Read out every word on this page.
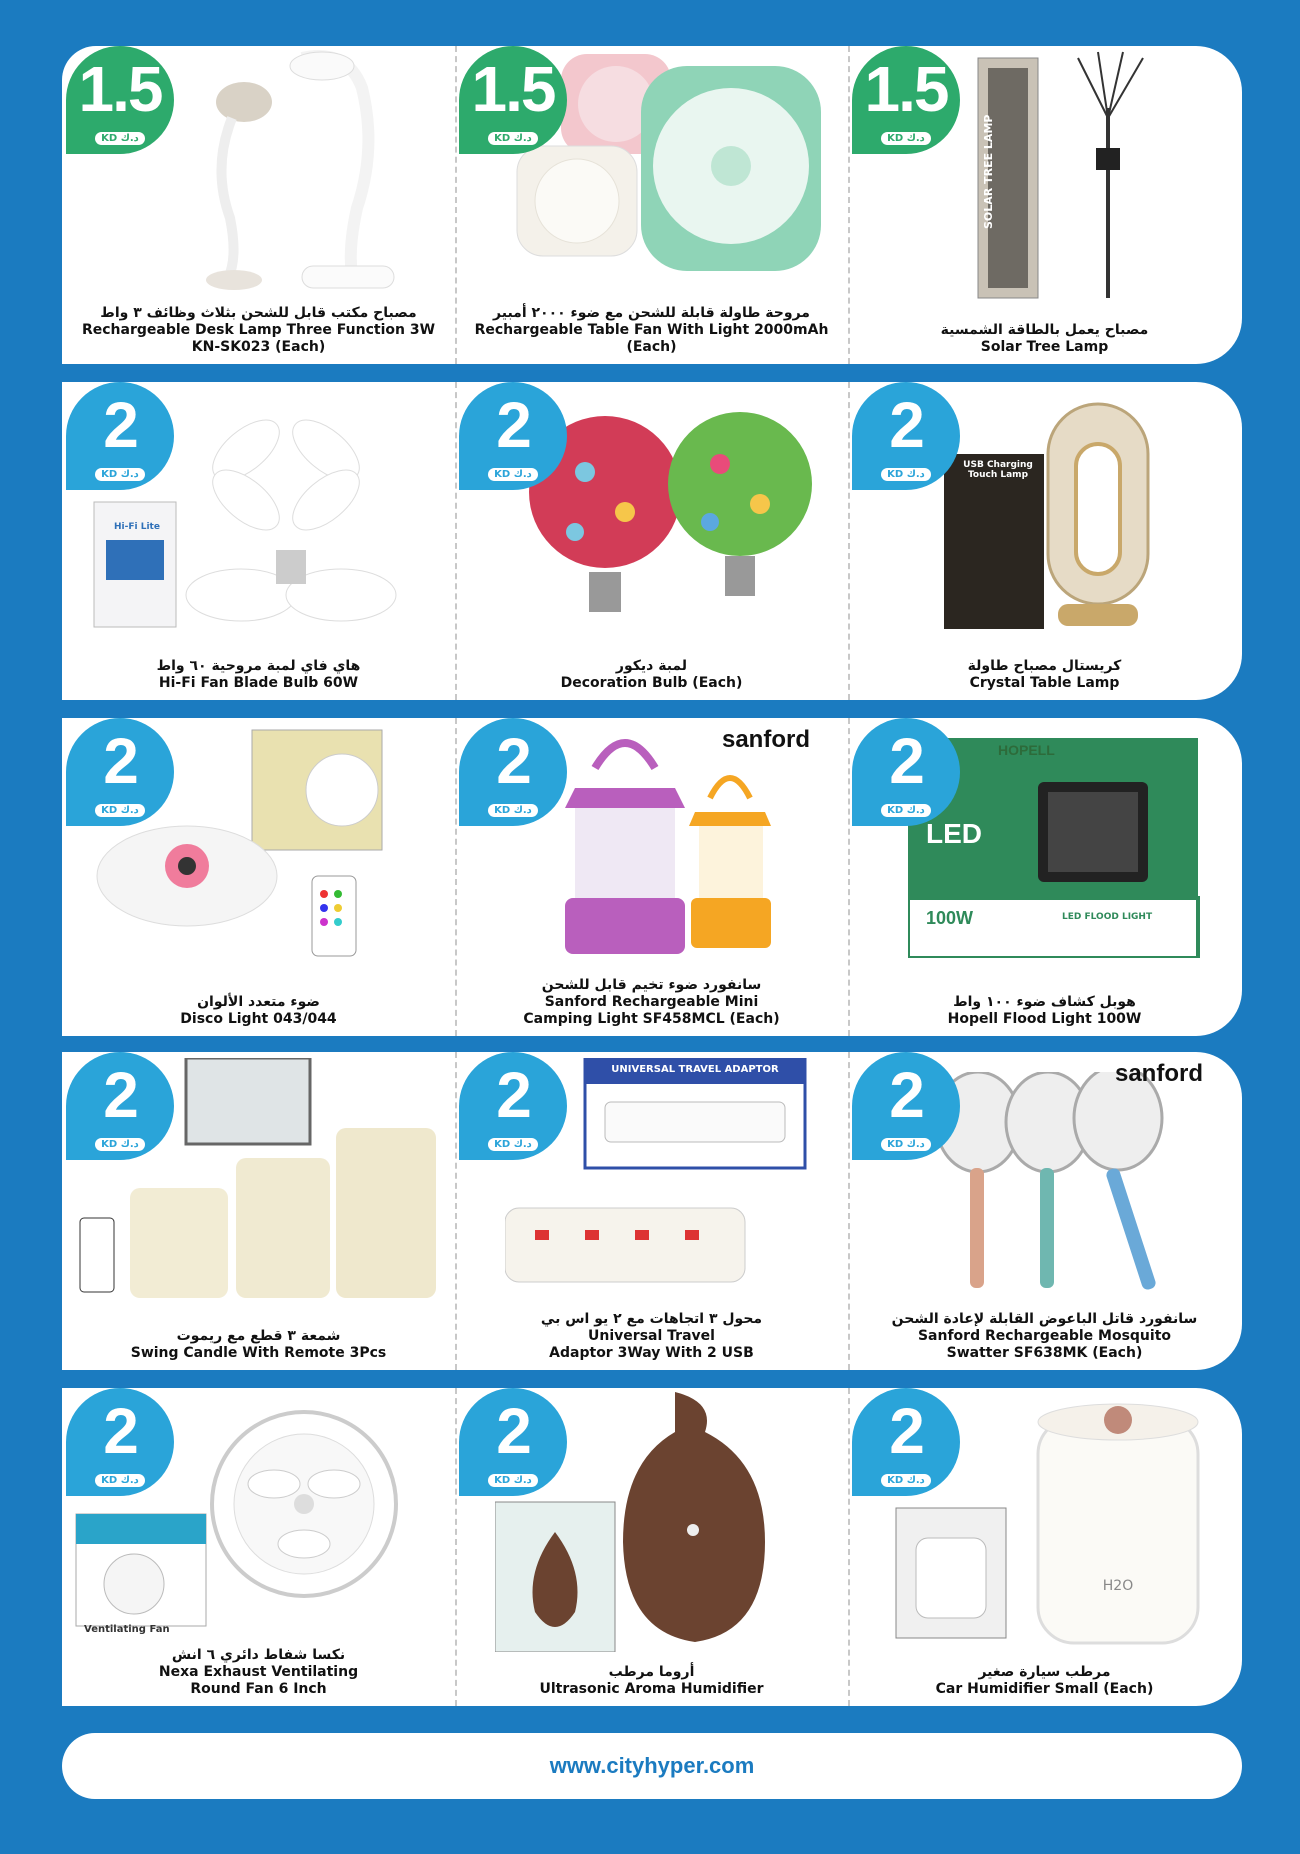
1.5
KD د.ك
مصباح مكتب قابل للشحن بثلاث وظائف ٣ واط
Rechargeable Desk Lamp Three Function 3W
KN-SK023 (Each)
1.5
KD د.ك
مروحة طاولة قابلة للشحن مع ضوء ٢٠٠٠ أمبير
Rechargeable Table Fan With Light 2000mAh (Each)
SOLAR TREE LAMP
1.5
KD د.ك
مصباح يعمل بالطاقة الشمسية
Solar Tree Lamp
Hi-Fi Lite
2
KD د.ك
هاي فاي لمبة مروحية ٦٠ واط
Hi-Fi Fan Blade Bulb 60W
2
KD د.ك
لمبة ديكور
Decoration Bulb (Each)
USB Charging Touch Lamp
2
KD د.ك
كريستال مصباح طاولة
Crystal Table Lamp
2
KD د.ك
ضوء متعدد الألوان
Disco Light 043/044
sanford
2
KD د.ك
سانفورد ضوء تخيم قابل للشحن
Sanford Rechargeable Mini
Camping Light SF458MCL (Each)
HOPELL
LED
100W	LED FLOOD LIGHT
2
KD د.ك
هوبل كشاف ضوء ١٠٠ واط
Hopell Flood Light 100W
2
KD د.ك
شمعة ٣ قطع مع ريموت
Swing Candle With Remote 3Pcs
UNIVERSAL TRAVEL ADAPTOR
2
KD د.ك
محول ٣ اتجاهات مع ٢ يو اس بي
Universal Travel
Adaptor 3Way With 2 USB
sanford
2
KD د.ك
سانفورد قاتل الباعوض القابلة لإعادة الشحن
Sanford Rechargeable Mosquito
Swatter SF638MK (Each)
Ventilating Fan
2
KD د.ك
نكسا شفاط دائري ٦ انش
Nexa Exhaust Ventilating
Round Fan 6 Inch
2
KD د.ك
أروما مرطب
Ultrasonic Aroma Humidifier
H2O
2
KD د.ك
مرطب سيارة صغير
Car Humidifier Small (Each)
www.cityhyper.com
